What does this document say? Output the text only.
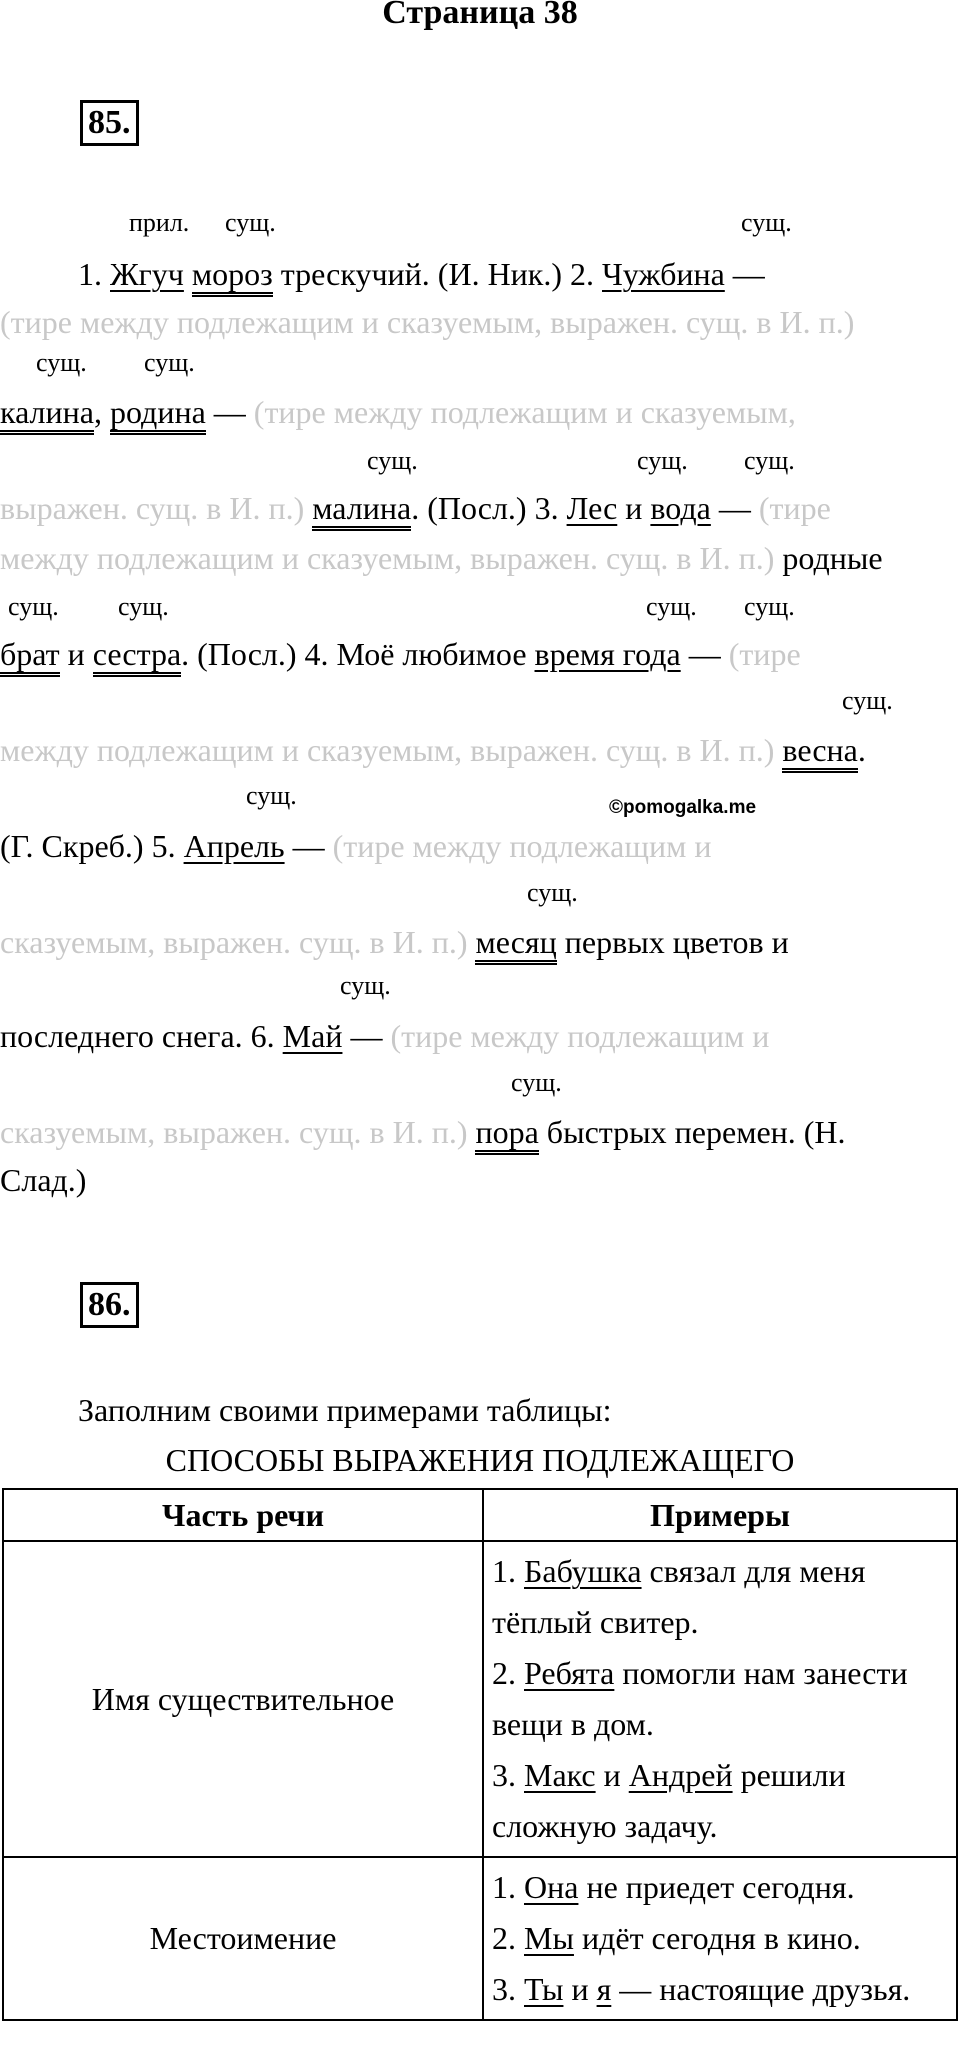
Страница 38
85.
прил. сущ.	сущ.
сущ. сущ.
сущ.	сущ. сущ.
сущ. сущ.	сущ. сущ.
сущ.
сущ.
сущ.
сущ.
сущ.
1. Жгуч мороз трескучий. (И. Ник.) 2. Чужбина —
(тире между подлежащим и сказуемым, выражен. сущ. в И. п.)
калина, родина — (тире между подлежащим и сказуемым,
выражен. сущ. в И. п.) малина. (Посл.) 3. Лес и вода — (тире
между подлежащим и сказуемым, выражен. сущ. в И. п.) родные
брат и сестра. (Посл.) 4. Моё любимое время года — (тире
между подлежащим и сказуемым, выражен. сущ. в И. п.) весна.
©pomogalka.me
(Г. Скреб.) 5. Апрель — (тире между подлежащим и
сказуемым, выражен. сущ. в И. п.) месяц первых цветов и
последнего снега. 6. Май — (тире между подлежащим и
сказуемым, выражен. сущ. в И. п.) пора быстрых перемен. (Н.
Слад.)
86.
Заполним своими примерами таблицы:
СПОСОБЫ ВЫРАЖЕНИЯ ПОДЛЕЖАЩЕГО
Часть речи	Примеры
Имя существительное	1. Бабушка связал для меня тёплый свитер.
2. Ребята помогли нам занести вещи в дом.
3. Макс и Андрей решили сложную задачу.

Местоимение	1. Она не приедет сегодня.
2. Мы идёт сегодня в кино.
3. Ты и я — настоящие друзья.
